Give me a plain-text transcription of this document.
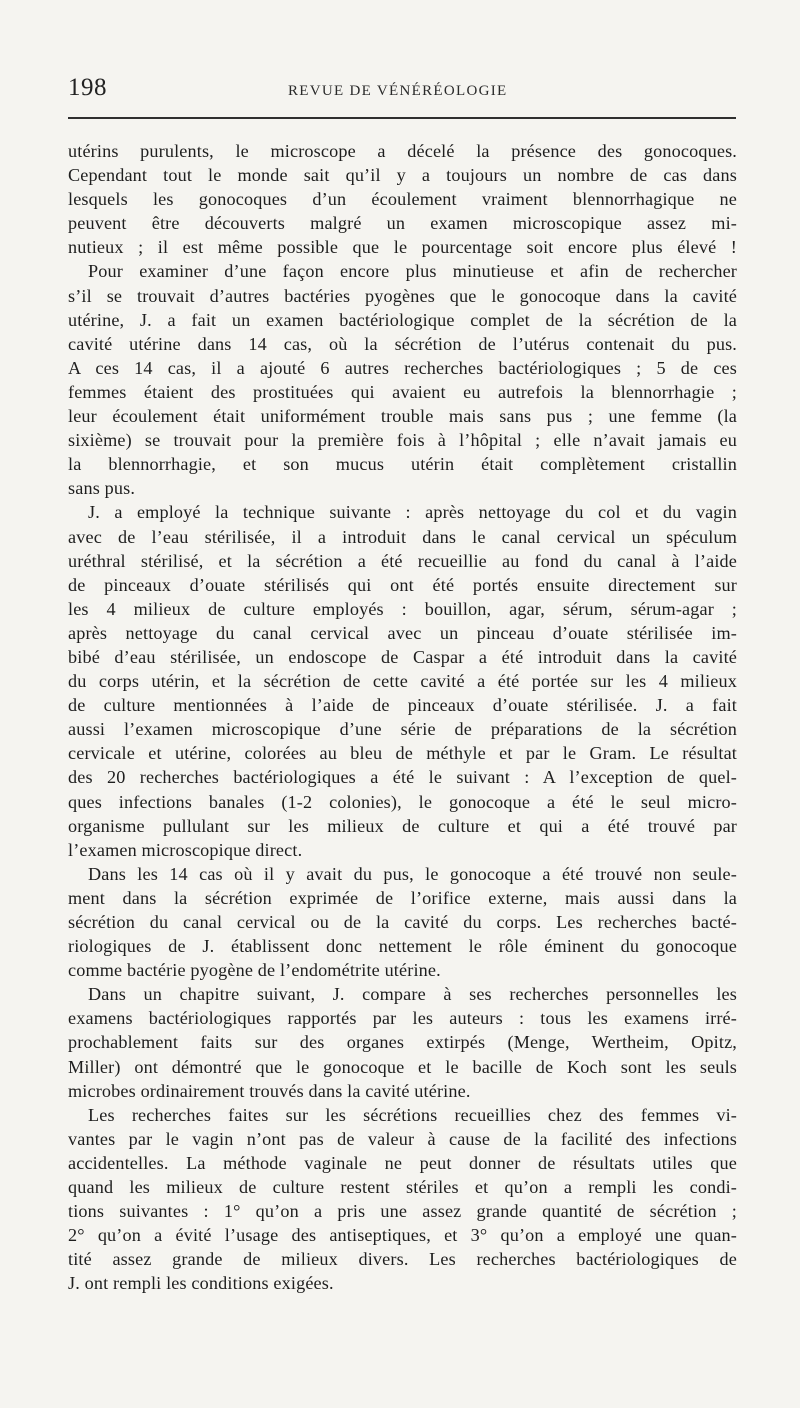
198	REVUE DE VÉNÉRÉOLOGIE
utérins purulents, le microscope a décelé la présence des gonocoques.
Cependant tout le monde sait qu’il y a toujours un nombre de cas dans
lesquels les gonocoques d’un écoulement vraiment blennorrhagique ne
peuvent être découverts malgré un examen microscopique assez mi-
nutieux ; il est même possible que le pourcentage soit encore plus élevé !
Pour examiner d’une façon encore plus minutieuse et afin de rechercher
s’il se trouvait d’autres bactéries pyogènes que le gonocoque dans la cavité
utérine, J. a fait un examen bactériologique complet de la sécrétion de la
cavité utérine dans 14 cas, où la sécrétion de l’utérus contenait du pus.
A ces 14 cas, il a ajouté 6 autres recherches bactériologiques ; 5 de ces
femmes étaient des prostituées qui avaient eu autrefois la blennorrhagie ;
leur écoulement était uniformément trouble mais sans pus ; une femme (la
sixième) se trouvait pour la première fois à l’hôpital ; elle n’avait jamais eu
la blennorrhagie, et son mucus utérin était complètement cristallin
sans pus.
J. a employé la technique suivante : après nettoyage du col et du vagin
avec de l’eau stérilisée, il a introduit dans le canal cervical un spéculum
uréthral stérilisé, et la sécrétion a été recueillie au fond du canal à l’aide
de pinceaux d’ouate stérilisés qui ont été portés ensuite directement sur
les 4 milieux de culture employés : bouillon, agar, sérum, sérum-agar ;
après nettoyage du canal cervical avec un pinceau d’ouate stérilisée im-
bibé d’eau stérilisée, un endoscope de Caspar a été introduit dans la cavité
du corps utérin, et la sécrétion de cette cavité a été portée sur les 4 milieux
de culture mentionnées à l’aide de pinceaux d’ouate stérilisée. J. a fait
aussi l’examen microscopique d’une série de préparations de la sécrétion
cervicale et utérine, colorées au bleu de méthyle et par le Gram. Le résultat
des 20 recherches bactériologiques a été le suivant : A l’exception de quel-
ques infections banales (1-2 colonies), le gonocoque a été le seul micro-
organisme pullulant sur les milieux de culture et qui a été trouvé par
l’examen microscopique direct.
Dans les 14 cas où il y avait du pus, le gonocoque a été trouvé non seule-
ment dans la sécrétion exprimée de l’orifice externe, mais aussi dans la
sécrétion du canal cervical ou de la cavité du corps. Les recherches bacté-
riologiques de J. établissent donc nettement le rôle éminent du gonocoque
comme bactérie pyogène de l’endométrite utérine.
Dans un chapitre suivant, J. compare à ses recherches personnelles les
examens bactériologiques rapportés par les auteurs : tous les examens irré-
prochablement faits sur des organes extirpés (Menge, Wertheim, Opitz,
Miller) ont démontré que le gonocoque et le bacille de Koch sont les seuls
microbes ordinairement trouvés dans la cavité utérine.
Les recherches faites sur les sécrétions recueillies chez des femmes vi-
vantes par le vagin n’ont pas de valeur à cause de la facilité des infections
accidentelles. La méthode vaginale ne peut donner de résultats utiles que
quand les milieux de culture restent stériles et qu’on a rempli les condi-
tions suivantes : 1° qu’on a pris une assez grande quantité de sécrétion ;
2° qu’on a évité l’usage des antiseptiques, et 3° qu’on a employé une quan-
tité assez grande de milieux divers. Les recherches bactériologiques de
J. ont rempli les conditions exigées.
